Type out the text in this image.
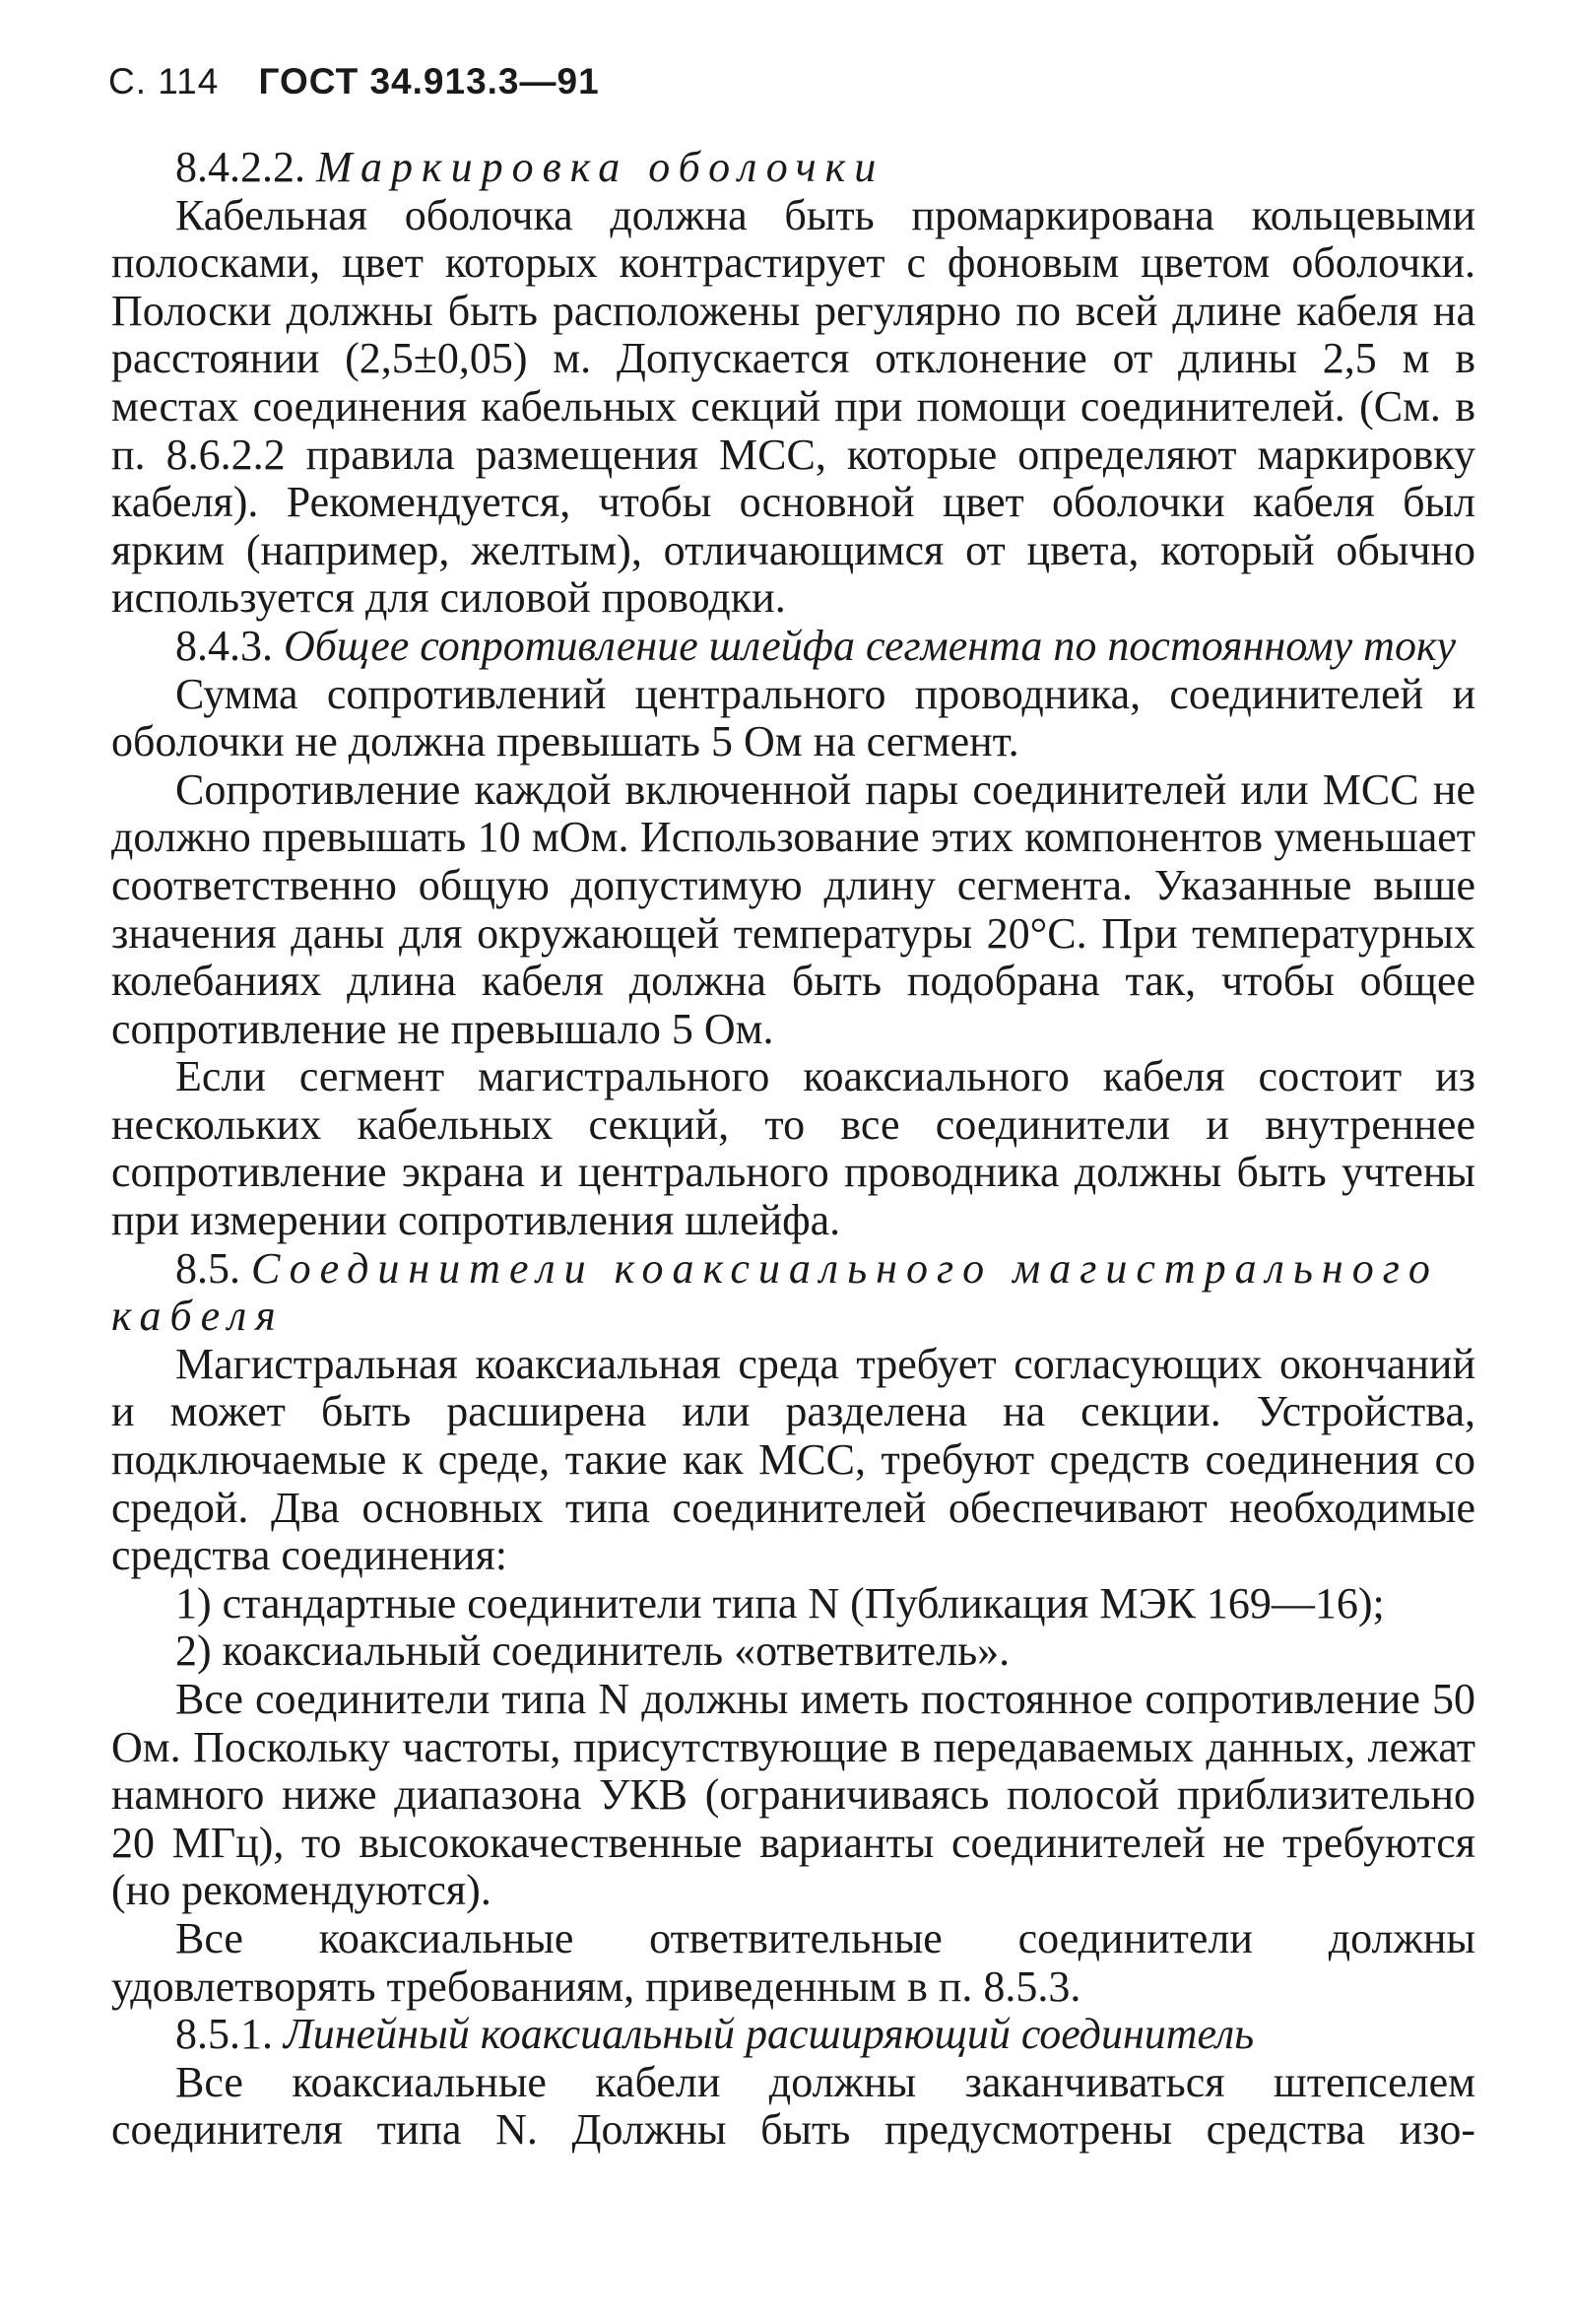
С. 114 ГОСТ 34.913.3—91

8.4.2.2. Маркировка оболочки

Кабельная оболочка должна быть промаркирована кольцевыми полосками, цвет которых контрастирует с фоновым цветом оболочки. Полоски должны быть расположены регулярно по всей длине кабеля на расстоянии (2,5±0,05) м. Допускается отклонение от длины 2,5 м в местах соединения кабельных секций при помощи соединителей. (См. в п. 8.6.2.2 правила размещения МСС, которые определяют маркировку кабеля). Рекомендуется, чтобы основной цвет оболочки кабеля был ярким (например, желтым), отличающимся от цвета, который обычно используется для силовой проводки.

8.4.3. Общее сопротивление шлейфа сегмента по постоянному току

Сумма сопротивлений центрального проводника, соединителей и оболочки не должна превышать 5 Ом на сегмент.

Сопротивление каждой включенной пары соединителей или МСС не должно превышать 10 мОм. Использование этих компонентов уменьшает соответственно общую допустимую длину сегмента. Указанные выше значения даны для окружающей температуры 20°С. При температурных колебаниях длина кабеля должна быть подобрана так, чтобы общее сопротивление не превышало 5 Ом.

Если сегмент магистрального коаксиального кабеля состоит из нескольких кабельных секций, то все соединители и внутреннее сопротивление экрана и центрального проводника должны быть учтены при измерении сопротивления шлейфа.

8.5. Соединители коаксиального магистрального кабеля

Магистральная коаксиальная среда требует согласующих окончаний и может быть расширена или разделена на секции. Устройства, подключаемые к среде, такие как МСС, требуют средств соединения со средой. Два основных типа соединителей обеспечивают необходимые средства соединения:

1) стандартные соединители типа N (Публикация МЭК 169—16);

2) коаксиальный соединитель «ответвитель».

Все соединители типа N должны иметь постоянное сопротивление 50 Ом. Поскольку частоты, присутствующие в передаваемых данных, лежат намного ниже диапазона УКВ (ограничиваясь полосой приблизительно 20 МГц), то высококачественные варианты соединителей не требуются (но рекомендуются).

Все коаксиальные ответвительные соединители должны удовлетворять требованиям, приведенным в п. 8.5.3.

8.5.1. Линейный коаксиальный расширяющий соединитель

Все коаксиальные кабели должны заканчиваться штепселем соединителя типа N. Должны быть предусмотрены средства изо-
